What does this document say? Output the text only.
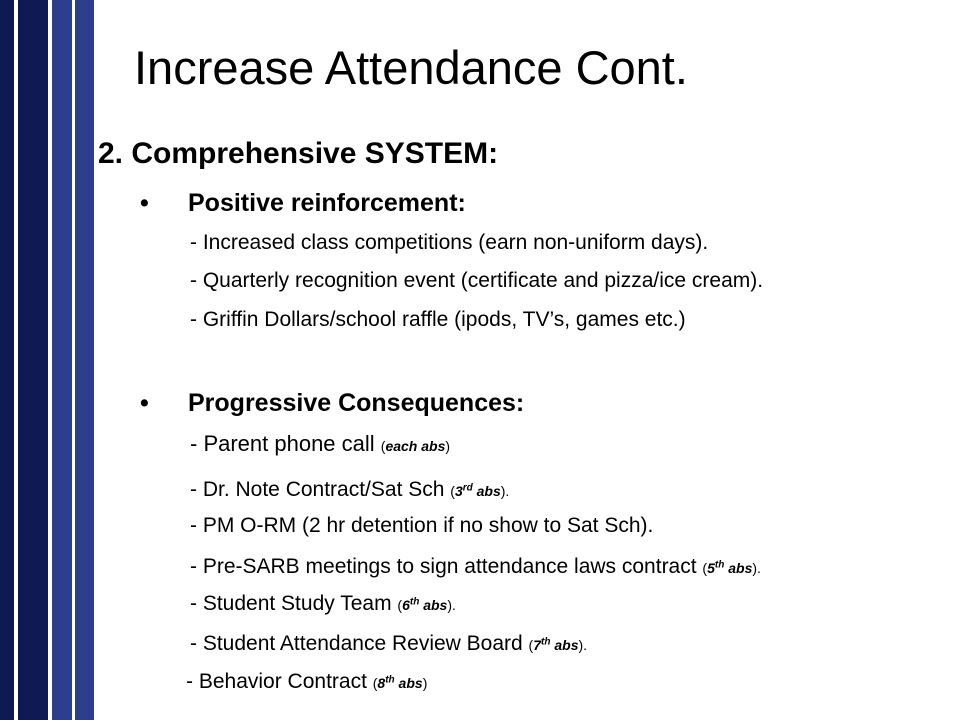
Increase Attendance Cont.
2. Comprehensive SYSTEM:
• Positive reinforcement:
- Increased class competitions (earn non-uniform days).
- Quarterly recognition event (certificate and pizza/ice cream).
- Griffin Dollars/school raffle (ipods, TV’s, games etc.)
• Progressive Consequences:
- Parent phone call (each abs)
- Dr. Note Contract/Sat Sch (3rd abs).
- PM O-RM (2 hr detention if no show to Sat Sch).
- Pre-SARB meetings to sign attendance laws contract (5th abs).
- Student Study Team (6th abs).
- Student Attendance Review Board (7th abs).
- Behavior Contract (8th abs)
